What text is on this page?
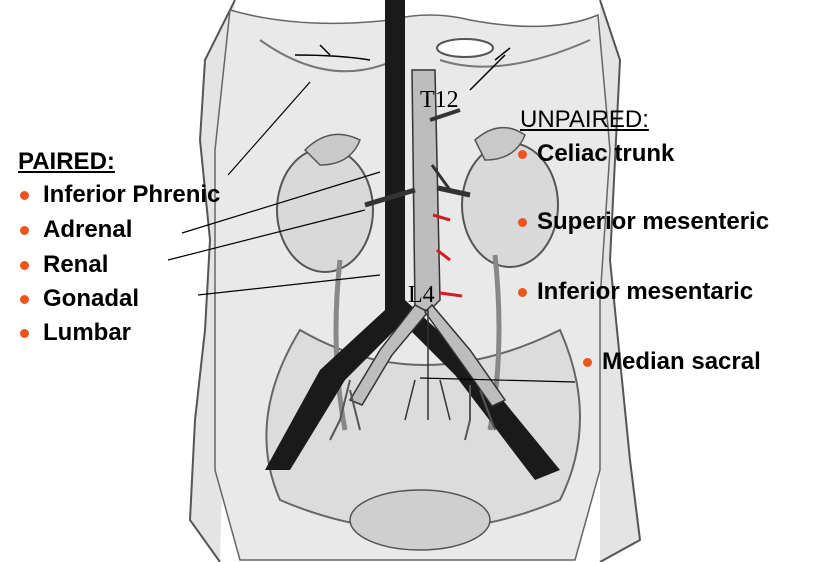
PAIRED:
Inferior Phrenic
Adrenal
Renal
Gonadal
Lumbar
UNPAIRED:
Celiac trunk
Superior mesenteric
Inferior mesentaric
Median sacral
T12
L4
